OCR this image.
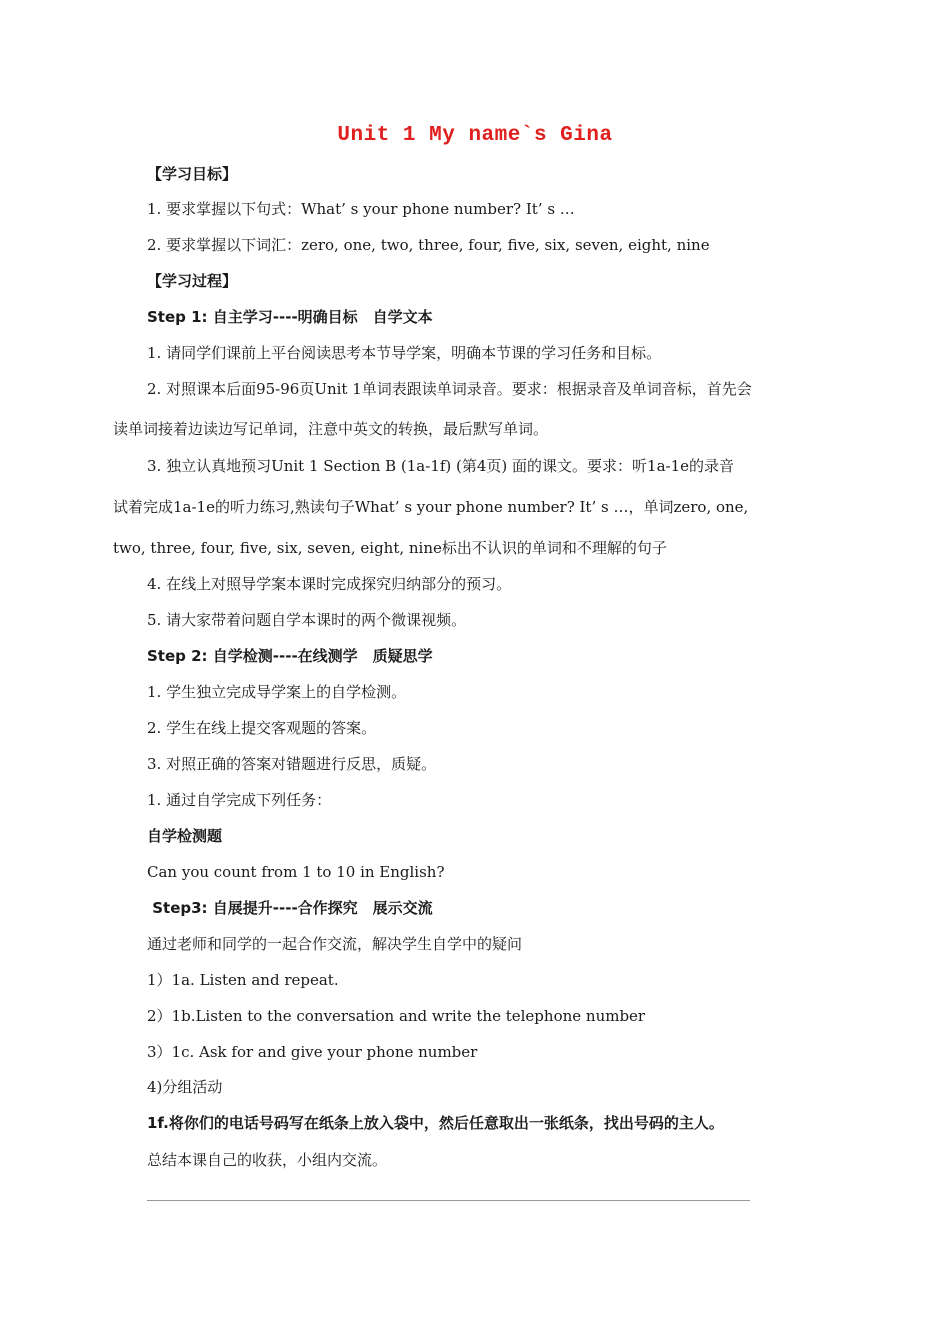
Unit 1 My name`s Gina
【学习目标】
1. 要求掌握以下句式：What’ s your phone number? It’ s …
2. 要求掌握以下词汇：zero, one, two, three, four, five, six, seven, eight, nine
【学习过程】
Step 1: 自主学习----明确目标　自学文本
1. 请同学们课前上平台阅读思考本节导学案，明确本节课的学习任务和目标。
2. 对照课本后面95-96页Unit 1单词表跟读单词录音。要求：根据录音及单词音标，首先会
读单词接着边读边写记单词，注意中英文的转换，最后默写单词。
3. 独立认真地预习Unit 1 Section B (1a-1f) (第4页) 面的课文。要求：听1a-1e的录音
试着完成1a-1e的听力练习,熟读句子What’ s your phone number? It’ s …，单词zero, one,
two, three, four, five, six, seven, eight, nine标出不认识的单词和不理解的句子
4. 在线上对照导学案本课时完成探究归纳部分的预习。
5. 请大家带着问题自学本课时的两个微课视频。
Step 2: 自学检测----在线测学　质疑思学
1. 学生独立完成导学案上的自学检测。
2. 学生在线上提交客观题的答案。
3. 对照正确的答案对错题进行反思，质疑。
1. 通过自学完成下列任务：
自学检测题
Can you count from 1 to 10 in English?
Step3: 自展提升----合作探究　展示交流
通过老师和同学的一起合作交流，解决学生自学中的疑问
1）1a. Listen and repeat.
2）1b.Listen to the conversation and write the telephone number
3）1c. Ask for and give your phone number
4)分组活动
1f.将你们的电话号码写在纸条上放入袋中，然后任意取出一张纸条，找出号码的主人。
总结本课自己的收获，小组内交流。
